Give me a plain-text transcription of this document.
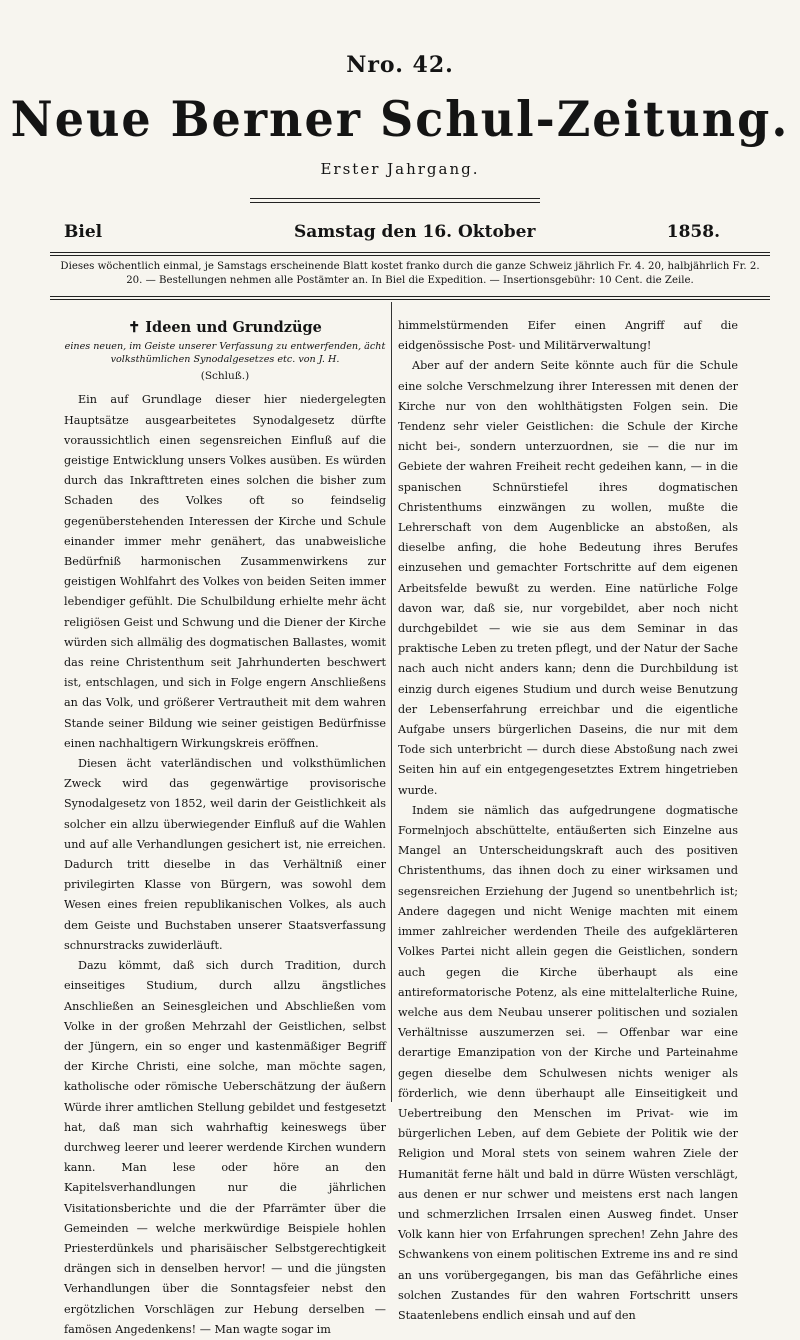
Nro. 42.
Neue Berner Schul-Zeitung.
Erster Jahrgang.
Biel	Samstag den 16. Oktober	1858.
Dieses wöchentlich einmal, je Samstags erscheinende Blatt kostet franko durch die ganze Schweiz jährlich Fr. 4. 20, halbjährlich Fr. 2. 20. — Bestellungen nehmen alle Postämter an. In Biel die Expedition. — Insertionsgebühr: 10 Cent. die Zeile.
✝ Ideen und Grundzüge
eines neuen, im Geiste unserer Verfassung zu entwerfenden, ächt volksthümlichen Synodalgesetzes etc. von J. H.
(Schluß.)

Ein auf Grundlage dieser hier niedergelegten Hauptsätze ausgearbeitetes Synodalgesetz dürfte voraussichtlich einen segensreichen Einfluß auf die geistige Entwicklung unsers Volkes ausüben. Es würden durch das Inkrafttreten eines solchen die bisher zum Schaden des Volkes oft so feindselig gegenüberstehenden Interessen der Kirche und Schule einander immer mehr genähert, das unabweisliche Bedürfniß harmonischen Zusammenwirkens zur geistigen Wohlfahrt des Volkes von beiden Seiten immer lebendiger gefühlt. Die Schulbildung erhielte mehr ächt religiösen Geist und Schwung und die Diener der Kirche würden sich allmälig des dogmatischen Ballastes, womit das reine Christenthum seit Jahrhunderten beschwert ist, entschlagen, und sich in Folge engern Anschließens an das Volk, und größerer Vertrautheit mit dem wahren Stande seiner Bildung wie seiner geistigen Bedürfnisse einen nachhaltigern Wirkungskreis eröffnen.

Diesen ächt vaterländischen und volksthümlichen Zweck wird das gegenwärtige provisorische Synodalgesetz von 1852, weil darin der Geistlichkeit als solcher ein allzu überwiegender Einfluß auf die Wahlen und auf alle Verhandlungen gesichert ist, nie erreichen. Dadurch tritt dieselbe in das Verhältniß einer privilegirten Klasse von Bürgern, was sowohl dem Wesen eines freien republikanischen Volkes, als auch dem Geiste und Buchstaben unserer Staatsverfassung schnurstracks zuwiderläuft.

Dazu kömmt, daß sich durch Tradition, durch einseitiges Studium, durch allzu ängstliches Anschließen an Seinesgleichen und Abschließen vom Volke in der großen Mehrzahl der Geistlichen, selbst der Jüngern, ein so enger und kastenmäßiger Begriff der Kirche Christi, eine solche, man möchte sagen, katholische oder römische Ueberschätzung der äußern Würde ihrer amtlichen Stellung gebildet und festgesetzt hat, daß man sich wahrhaftig keineswegs über durchweg leerer und leerer werdende Kirchen wundern kann. Man lese oder höre an den Kapitelsverhandlungen nur die jährlichen Visitationsberichte und die der Pfarrämter über die Gemeinden — welche merkwürdige Beispiele hohlen Priesterdünkels und pharisäischer Selbstgerechtigkeit drängen sich in denselben hervor! — und die jüngsten Verhandlungen über die Sonntagsfeier nebst den ergötzlichen Vorschlägen zur Hebung derselben — famösen Angedenkens! — Man wagte sogar im

himmelstürmenden Eifer einen Angriff auf die eidgenössische Post- und Militärverwaltung!

Aber auf der andern Seite könnte auch für die Schule eine solche Verschmelzung ihrer Interessen mit denen der Kirche nur von den wohlthätigsten Folgen sein. Die Tendenz sehr vieler Geistlichen: die Schule der Kirche nicht bei-, sondern unterzuordnen, sie — die nur im Gebiete der wahren Freiheit recht gedeihen kann, — in die spanischen Schnürstiefel ihres dogmatischen Christenthums einzwängen zu wollen, mußte die Lehrerschaft von dem Augenblicke an abstoßen, als dieselbe anfing, die hohe Bedeutung ihres Berufes einzusehen und gemachter Fortschritte auf dem eigenen Arbeitsfelde bewußt zu werden. Eine natürliche Folge davon war, daß sie, nur vorgebildet, aber noch nicht durchgebildet — wie sie aus dem Seminar in das praktische Leben zu treten pflegt, und der Natur der Sache nach auch nicht anders kann; denn die Durchbildung ist einzig durch eigenes Studium und durch weise Benutzung der Lebenserfahrung erreichbar und die eigentliche Aufgabe unsers bürgerlichen Daseins, die nur mit dem Tode sich unterbricht — durch diese Abstoßung nach zwei Seiten hin auf ein entgegengesetztes Extrem hingetrieben wurde.

Indem sie nämlich das aufgedrungene dogmatische Formelnjoch abschüttelte, entäußerten sich Einzelne aus Mangel an Unterscheidungskraft auch des positiven Christenthums, das ihnen doch zu einer wirksamen und segensreichen Erziehung der Jugend so unentbehrlich ist; Andere dagegen und nicht Wenige machten mit einem immer zahlreicher werdenden Theile des aufgeklärteren Volkes Partei nicht allein gegen die Geistlichen, sondern auch gegen die Kirche überhaupt als eine antireformatorische Potenz, als eine mittelalterliche Ruine, welche aus dem Neubau unserer politischen und sozialen Verhältnisse auszumerzen sei. — Offenbar war eine derartige Emanzipation von der Kirche und Parteinahme gegen dieselbe dem Schulwesen nichts weniger als förderlich, wie denn überhaupt alle Einseitigkeit und Uebertreibung den Menschen im Privat- wie im bürgerlichen Leben, auf dem Gebiete der Politik wie der Religion und Moral stets von seinem wahren Ziele der Humanität ferne hält und bald in dürre Wüsten verschlägt, aus denen er nur schwer und meistens erst nach langen und schmerzlichen Irrsalen einen Ausweg findet. Unser Volk kann hier von Erfahrungen sprechen! Zehn Jahre des Schwankens von einem politischen Extreme ins and re sind an uns vorübergegangen, bis man das Gefährliche eines solchen Zustandes für den wahren Fortschritt unsers Staatenlebens endlich einsah und auf den
